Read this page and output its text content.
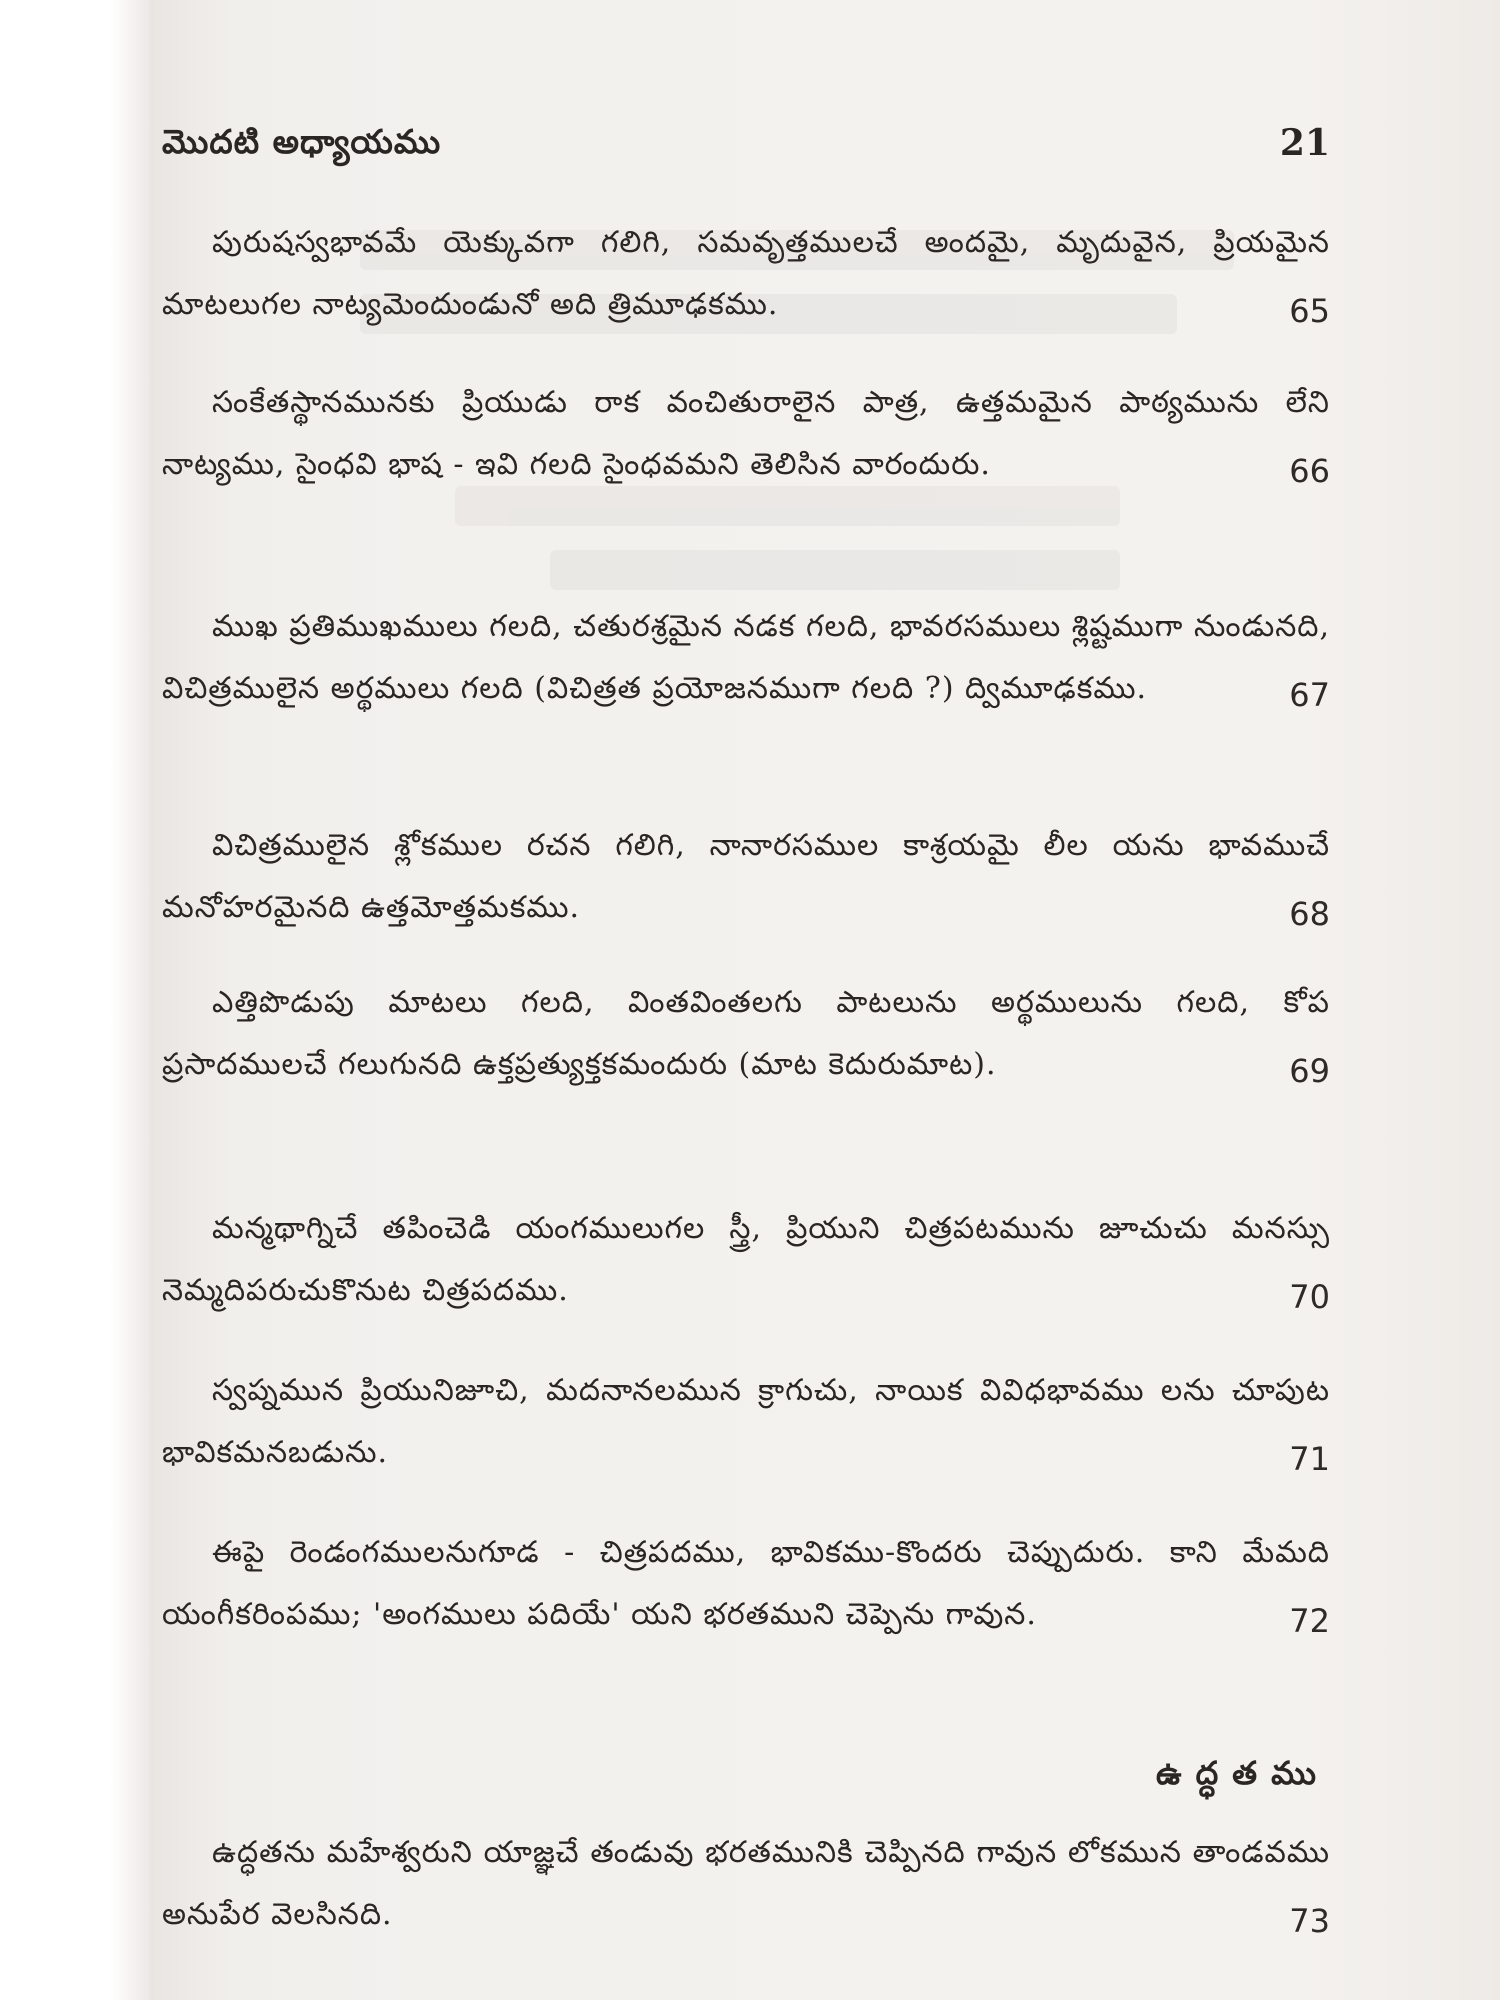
మొదటి అధ్యాయము	21
పురుషస్వభావమే యెక్కువగా గలిగి, సమవృత్తములచే అందమై, మృదువైన, ప్రియమైన మాటలుగల నాట్యమెందుండునో అది త్రిమూఢకము.	65
సంకేతస్థానమునకు ప్రియుడు రాక వంచితురాలైన పాత్ర, ఉత్తమమైన పాఠ్యమును లేని నాట్యము, సైంధవి భాష - ఇవి గలది సైంధవమని తెలిసిన వారందురు.	66
ముఖ ప్రతిముఖములు గలది, చతురశ్రమైన నడక గలది, భావరసములు శ్లిష్టముగా నుండునది, విచిత్రములైన అర్థములు గలది (విచిత్రత ప్రయోజనముగా గలది ?) ద్విమూఢకము.	67
విచిత్రములైన శ్లోకముల రచన గలిగి, నానారసముల కాశ్రయమై లీల యను భావముచే మనోహరమైనది ఉత్తమోత్తమకము.	68
ఎత్తిపొడుపు మాటలు గలది, వింతవింతలగు పాటలును అర్థములును గలది, కోప ప్రసాదములచే గలుగునది ఉక్తప్రత్యుక్తకమందురు (మాట కెదురుమాట).	69
మన్మథాగ్నిచే తపించెడి యంగములుగల స్త్రీ, ప్రియుని చిత్రపటమును జూచుచు మనస్సు నెమ్మదిపరుచుకొనుట చిత్రపదము.	70
స్వప్నమున ప్రియునిజూచి, మదనానలమున క్రాగుచు, నాయిక వివిధభావము లను చూపుట భావికమనబడును.	71
ఈపై రెండంగములనుగూడ - చిత్రపదము, భావికము-కొందరు చెప్పుదురు. కాని మేమది యంగీకరింపము; 'అంగములు పదియే' యని భరతముని చెప్పెను గావున.	72
ఉద్ధతము
ఉద్ధతను మహేశ్వరుని యాజ్ఞచే తండువు భరతమునికి చెప్పినది గావున లోకమున తాండవము అనుపేర వెలసినది.	73
